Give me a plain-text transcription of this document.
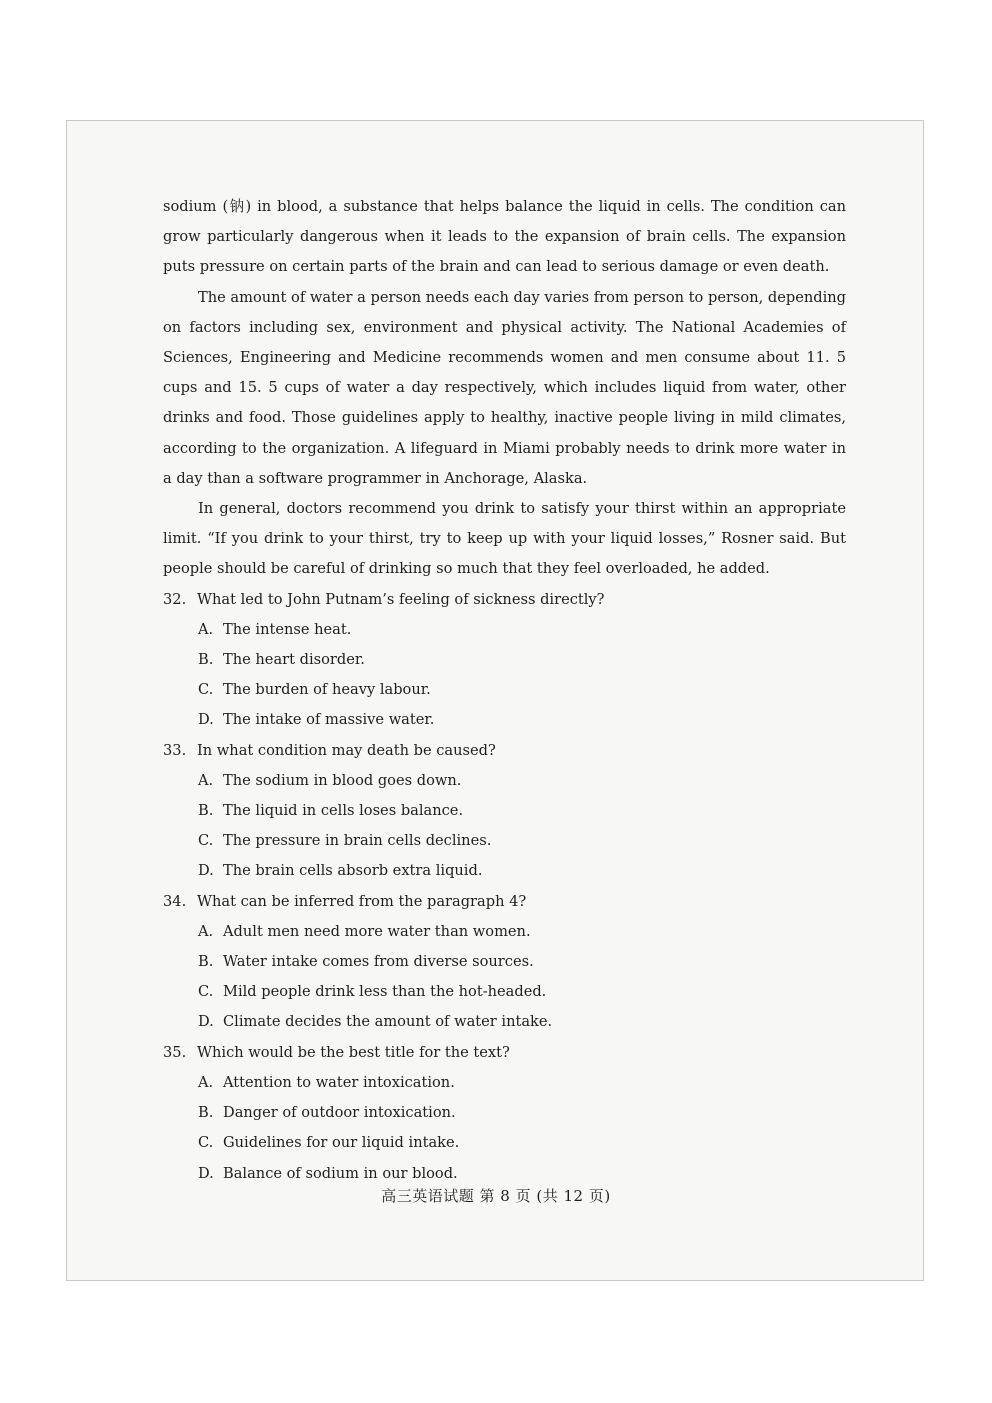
sodium (钠) in blood, a substance that helps balance the liquid in cells. The condition can grow particularly dangerous when it leads to the expansion of brain cells. The expansion puts pressure on certain parts of the brain and can lead to serious damage or even death.

The amount of water a person needs each day varies from person to person, depending on factors including sex, environment and physical activity. The National Academies of Sciences, Engineering and Medicine recommends women and men consume about 11. 5 cups and 15. 5 cups of water a day respectively, which includes liquid from water, other drinks and food. Those guidelines apply to healthy, inactive people living in mild climates, according to the organization. A lifeguard in Miami probably needs to drink more water in a day than a software programmer in Anchorage, Alaska.

In general, doctors recommend you drink to satisfy your thirst within an appropriate limit. “If you drink to your thirst, try to keep up with your liquid losses,” Rosner said. But people should be careful of drinking so much that they feel overloaded, he added.

32. What led to John Putnam’s feeling of sickness directly?

A. The intense heat.

B. The heart disorder.

C. The burden of heavy labour.

D. The intake of massive water.

33. In what condition may death be caused?

A. The sodium in blood goes down.

B. The liquid in cells loses balance.

C. The pressure in brain cells declines.

D. The brain cells absorb extra liquid.

34. What can be inferred from the paragraph 4?

A. Adult men need more water than women.

B. Water intake comes from diverse sources.

C. Mild people drink less than the hot-headed.

D. Climate decides the amount of water intake.

35. Which would be the best title for the text?

A. Attention to water intoxication.

B. Danger of outdoor intoxication.

C. Guidelines for our liquid intake.

D. Balance of sodium in our blood.

高三英语试题 第 8 页 (共 12 页)
